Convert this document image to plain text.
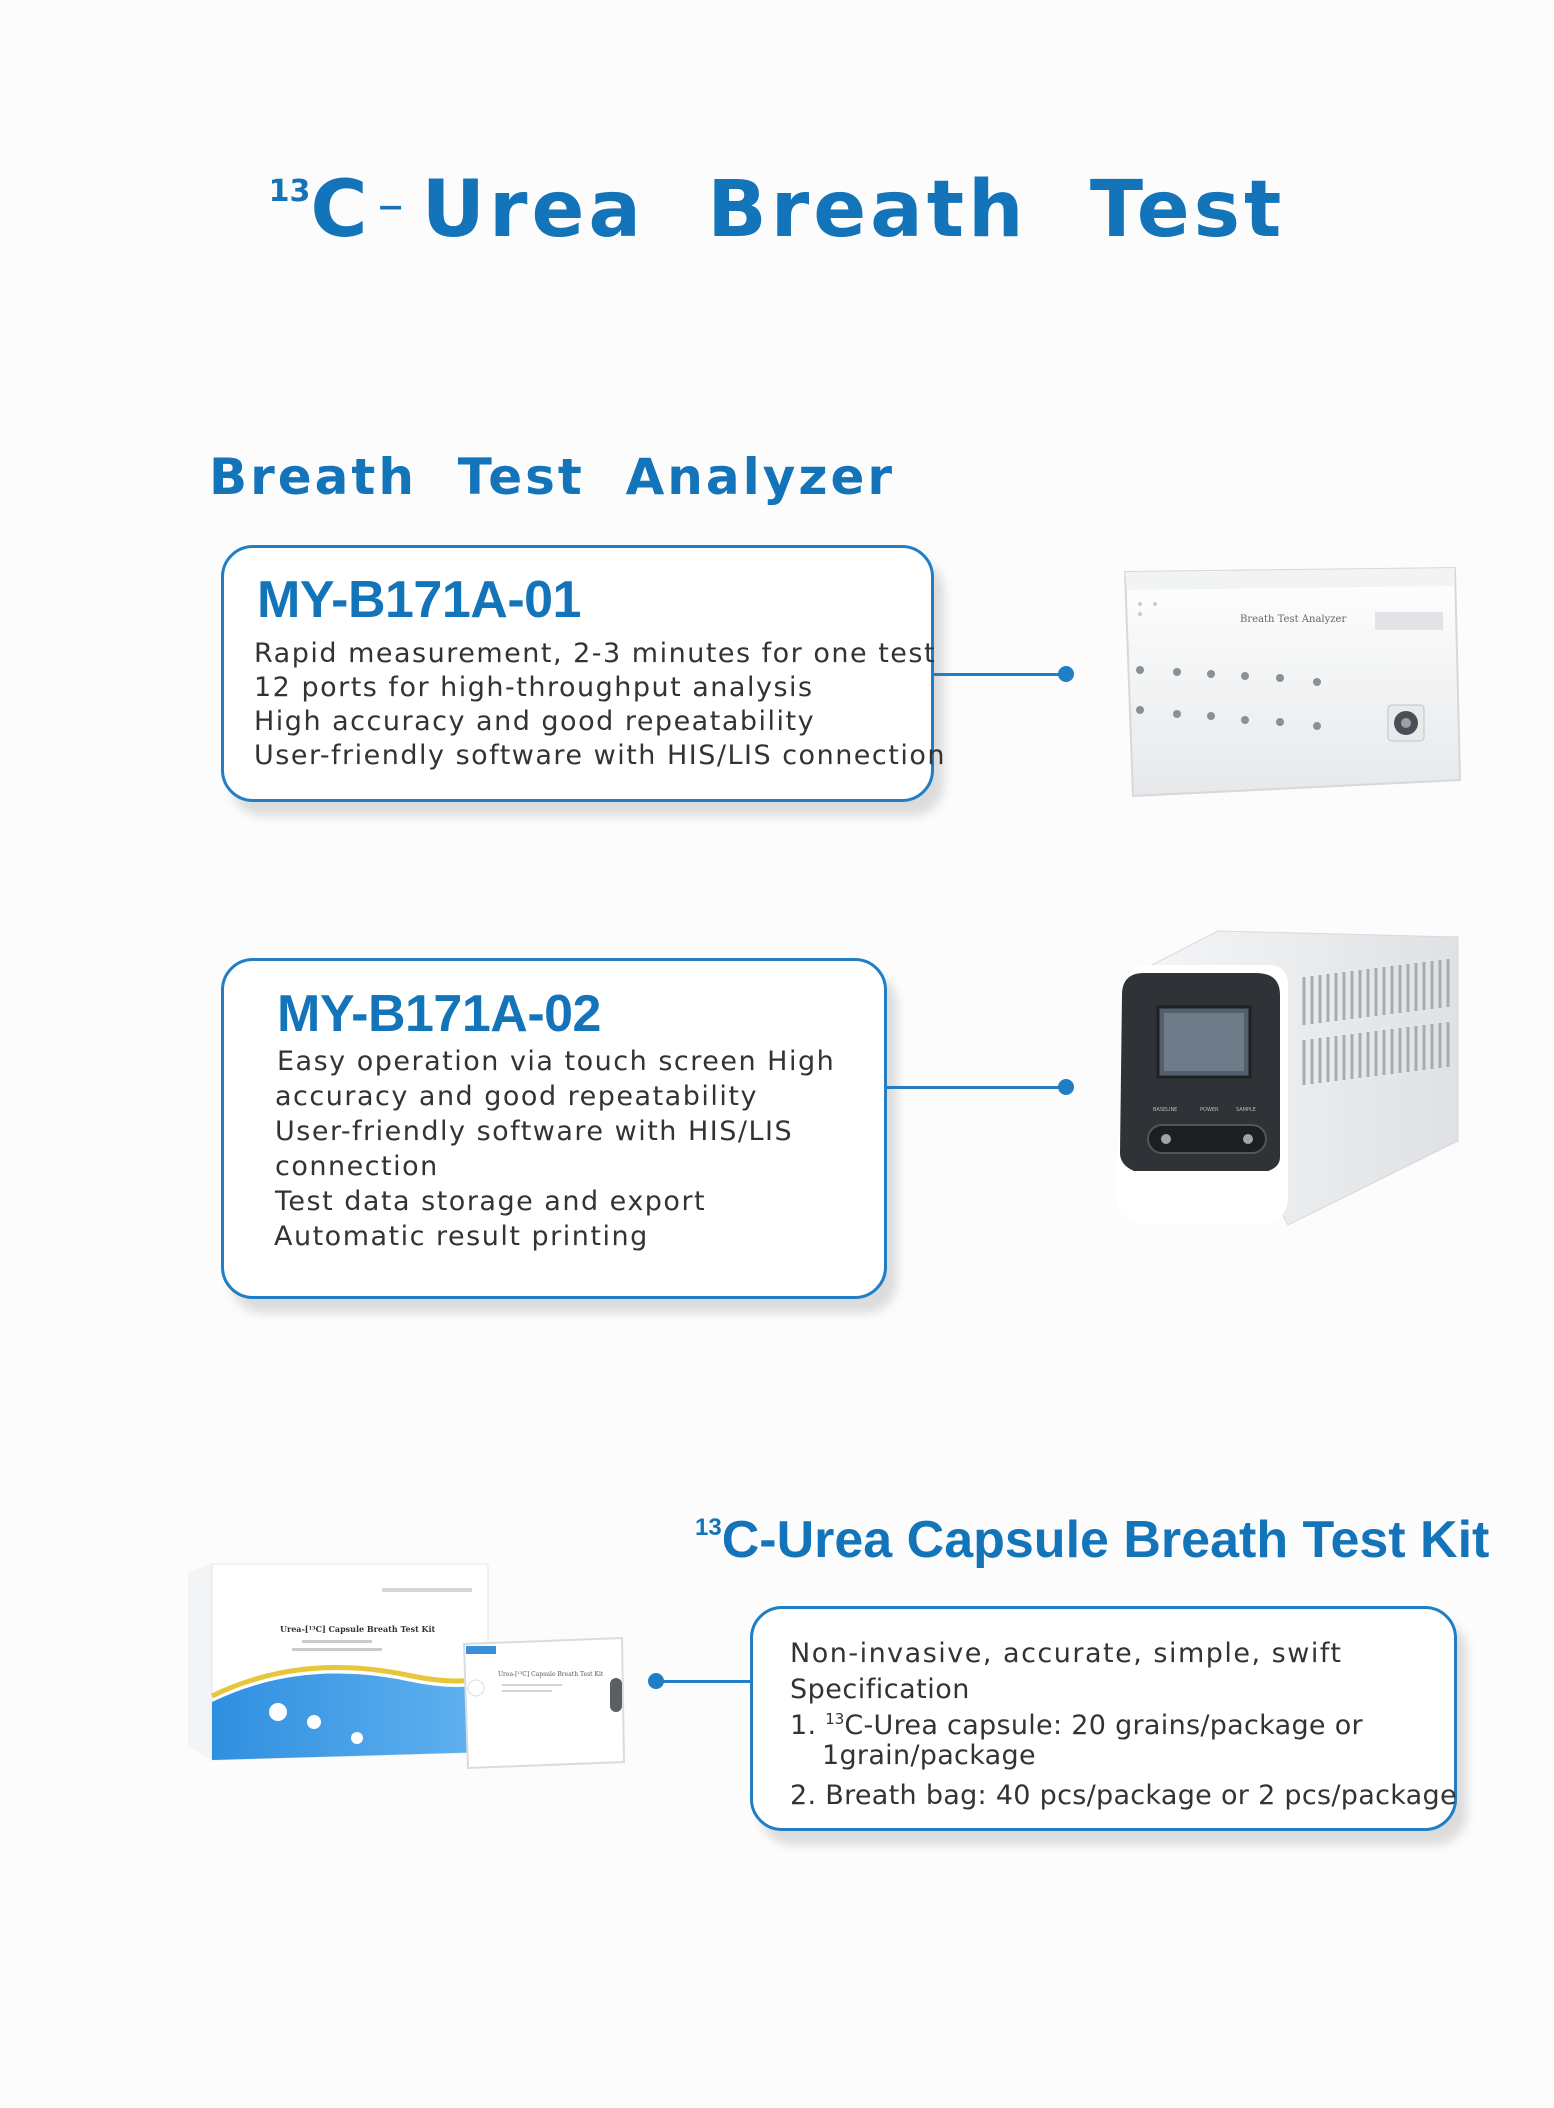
$^{13}$C – Urea  Breath  Test
Breath  Test  Analyzer
MY-B171A-01
Rapid measurement, 2-3 minutes for one test
12 ports for high-throughput analysis
High accuracy and good repeatability
User-friendly software with HIS/LIS connection
Breath Test Analyzer
MY-B171A-02
Easy operation via touch screen High
accuracy and good repeatability
User-friendly software with HIS/LIS
connection
Test data storage and export
Automatic result printing
BASELINE	POWER	SAMPLE
$^{13}$C-Urea Capsule Breath Test Kit
Urea-[¹³C] Capsule Breath Test Kit
Urea-[¹³C] Capsule Breath Test Kit
Non-invasive, accurate, simple, swift
Specification
1. $^{13}$C-Urea capsule: 20 grains/package or
1grain/package
2. Breath bag: 40 pcs/package or 2 pcs/package
